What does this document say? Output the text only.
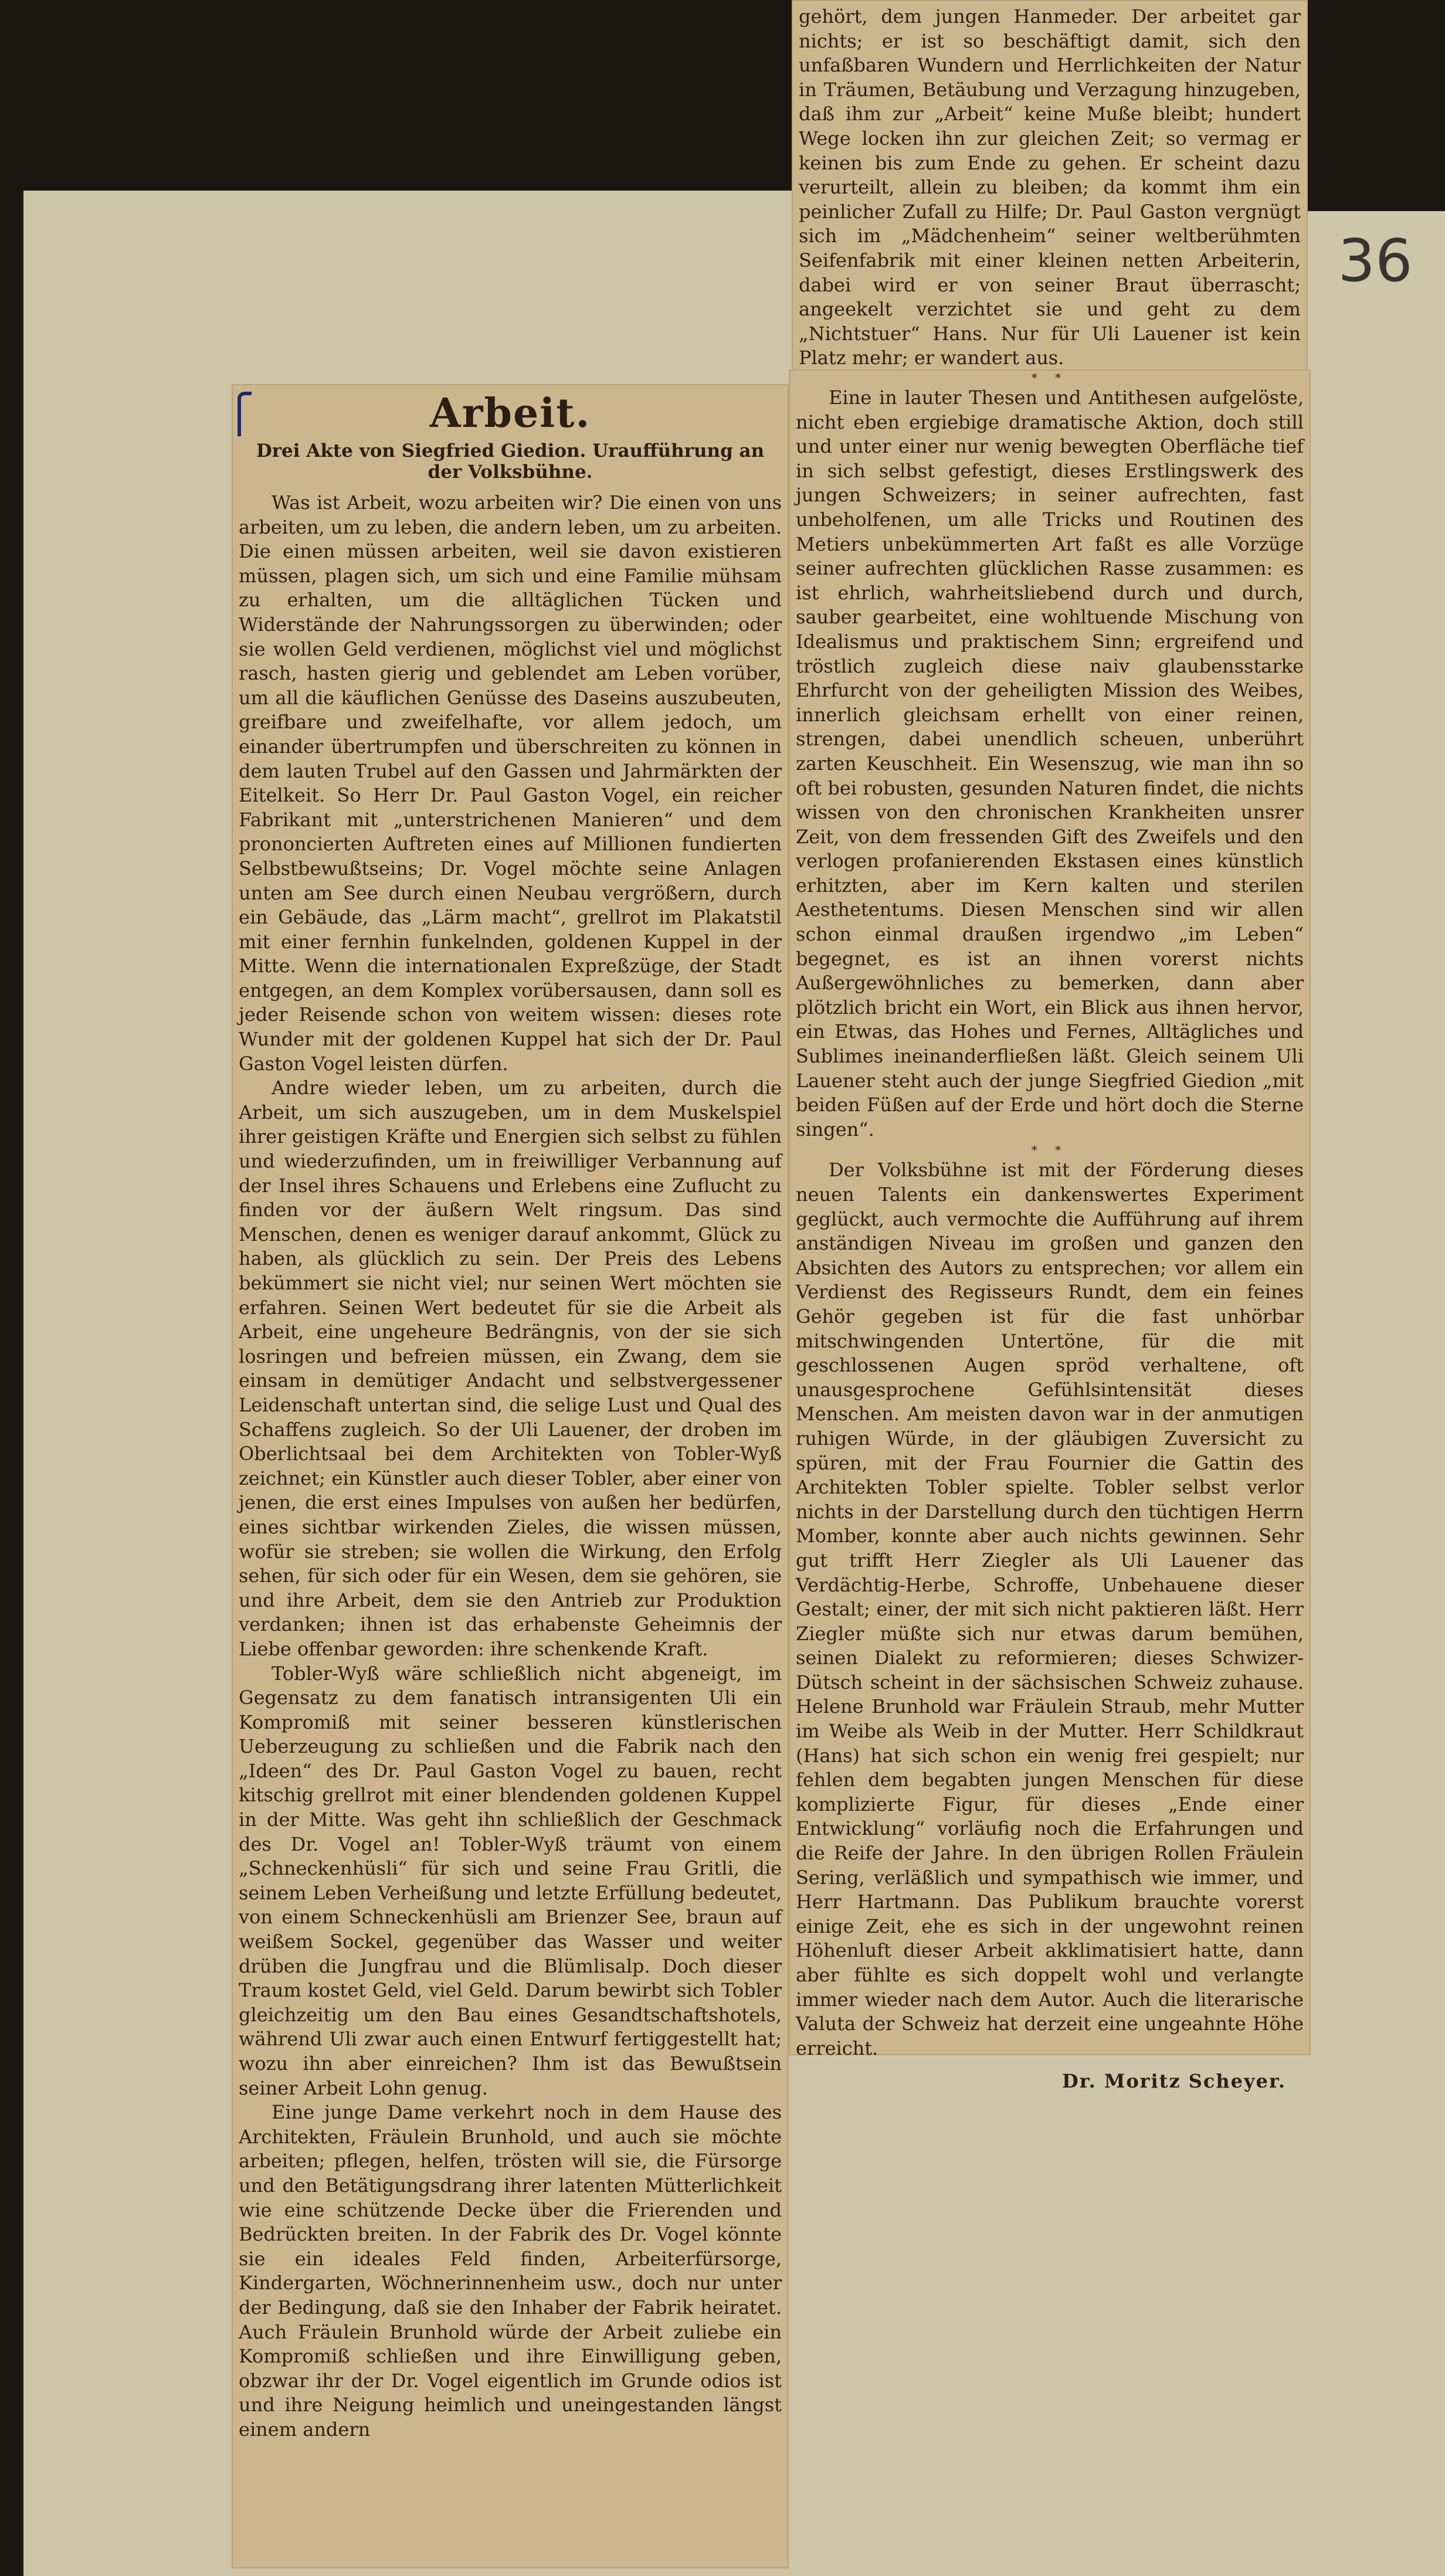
36
Arbeit.
Drei Akte von Siegfried Giedion. Uraufführung an der Volksbühne.

Was ist Arbeit, wozu arbeiten wir? Die einen von uns arbeiten, um zu leben, die andern leben, um zu arbeiten. Die einen müssen arbeiten, weil sie davon existieren müssen, plagen sich, um sich und eine Familie mühsam zu erhalten, um die alltäglichen Tücken und Widerstände der Nahrungssorgen zu überwinden; oder sie wollen Geld verdienen, möglichst viel und möglichst rasch, hasten gierig und geblendet am Leben vorüber, um all die käuflichen Genüsse des Daseins auszubeuten, greifbare und zweifelhafte, vor allem jedoch, um einander übertrumpfen und überschreiten zu können in dem lauten Trubel auf den Gassen und Jahrmärkten der Eitelkeit. So Herr Dr. Paul Gaston Vogel, ein reicher Fabrikant mit „unterstrichenen Manieren“ und dem prononcierten Auftreten eines auf Millionen fundierten Selbstbewußtseins; Dr. Vogel möchte seine Anlagen unten am See durch einen Neubau vergrößern, durch ein Gebäude, das „Lärm macht“, grellrot im Plakatstil mit einer fernhin funkelnden, goldenen Kuppel in der Mitte. Wenn die internationalen Expreßzüge, der Stadt entgegen, an dem Komplex vorübersausen, dann soll es jeder Reisende schon von weitem wissen: dieses rote Wunder mit der goldenen Kuppel hat sich der Dr. Paul Gaston Vogel leisten dürfen.

Andre wieder leben, um zu arbeiten, durch die Arbeit, um sich auszugeben, um in dem Muskelspiel ihrer geistigen Kräfte und Energien sich selbst zu fühlen und wiederzufinden, um in freiwilliger Verbannung auf der Insel ihres Schauens und Erlebens eine Zuflucht zu finden vor der äußern Welt ringsum. Das sind Menschen, denen es weniger darauf ankommt, Glück zu haben, als glücklich zu sein. Der Preis des Lebens bekümmert sie nicht viel; nur seinen Wert möchten sie erfahren. Seinen Wert bedeutet für sie die Arbeit als Arbeit, eine ungeheure Bedrängnis, von der sie sich losringen und befreien müssen, ein Zwang, dem sie einsam in demütiger Andacht und selbstvergessener Leidenschaft untertan sind, die selige Lust und Qual des Schaffens zugleich. So der Uli Lauener, der droben im Oberlichtsaal bei dem Architekten von Tobler-Wyß zeichnet; ein Künstler auch dieser Tobler, aber einer von jenen, die erst eines Impulses von außen her bedürfen, eines sichtbar wirkenden Zieles, die wissen müssen, wofür sie streben; sie wollen die Wirkung, den Erfolg sehen, für sich oder für ein Wesen, dem sie gehören, sie und ihre Arbeit, dem sie den Antrieb zur Produktion verdanken; ihnen ist das erhabenste Geheimnis der Liebe offenbar geworden: ihre schenkende Kraft.

Tobler-Wyß wäre schließlich nicht abgeneigt, im Gegensatz zu dem fanatisch intransigenten Uli ein Kompromiß mit seiner besseren künstlerischen Ueberzeugung zu schließen und die Fabrik nach den „Ideen“ des Dr. Paul Gaston Vogel zu bauen, recht kitschig grellrot mit einer blendenden goldenen Kuppel in der Mitte. Was geht ihn schließlich der Geschmack des Dr. Vogel an! Tobler-Wyß träumt von einem „Schneckenhüsli“ für sich und seine Frau Gritli, die seinem Leben Verheißung und letzte Erfüllung bedeutet, von einem Schneckenhüsli am Brienzer See, braun auf weißem Sockel, gegenüber das Wasser und weiter drüben die Jungfrau und die Blümlisalp. Doch dieser Traum kostet Geld, viel Geld. Darum bewirbt sich Tobler gleichzeitig um den Bau eines Gesandtschaftshotels, während Uli zwar auch einen Entwurf fertiggestellt hat; wozu ihn aber einreichen? Ihm ist das Bewußtsein seiner Arbeit Lohn genug.

Eine junge Dame verkehrt noch in dem Hause des Architekten, Fräulein Brunhold, und auch sie möchte arbeiten; pflegen, helfen, trösten will sie, die Fürsorge und den Betätigungsdrang ihrer latenten Mütterlichkeit wie eine schützende Decke über die Frierenden und Bedrückten breiten. In der Fabrik des Dr. Vogel könnte sie ein ideales Feld finden, Arbeiterfürsorge, Kindergarten, Wöchnerinnenheim usw., doch nur unter der Bedingung, daß sie den Inhaber der Fabrik heiratet. Auch Fräulein Brunhold würde der Arbeit zuliebe ein Kompromiß schließen und ihre Einwilligung geben, obzwar ihr der Dr. Vogel eigentlich im Grunde odios ist und ihre Neigung heimlich und uneingestanden längst einem andern

gehört, dem jungen Hanmeder. Der arbeitet gar nichts; er ist so beschäftigt damit, sich den unfaßbaren Wundern und Herrlichkeiten der Natur in Träumen, Betäubung und Verzagung hinzugeben, daß ihm zur „Arbeit“ keine Muße bleibt; hundert Wege locken ihn zur gleichen Zeit; so vermag er keinen bis zum Ende zu gehen. Er scheint dazu verurteilt, allein zu bleiben; da kommt ihm ein peinlicher Zufall zu Hilfe; Dr. Paul Gaston vergnügt sich im „Mädchenheim“ seiner weltberühmten Seifenfabrik mit einer kleinen netten Arbeiterin, dabei wird er von seiner Braut überrascht; angeekelt verzichtet sie und geht zu dem „Nichtstuer“ Hans. Nur für Uli Lauener ist kein Platz mehr; er wandert aus.

* *

Eine in lauter Thesen und Antithesen aufgelöste, nicht eben ergiebige dramatische Aktion, doch still und unter einer nur wenig bewegten Oberfläche tief in sich selbst gefestigt, dieses Erstlingswerk des jungen Schweizers; in seiner aufrechten, fast unbeholfenen, um alle Tricks und Routinen des Metiers unbekümmerten Art faßt es alle Vorzüge seiner aufrechten glücklichen Rasse zusammen: es ist ehrlich, wahrheitsliebend durch und durch, sauber gearbeitet, eine wohltuende Mischung von Idealismus und praktischem Sinn; ergreifend und tröstlich zugleich diese naiv glaubensstarke Ehrfurcht von der geheiligten Mission des Weibes, innerlich gleichsam erhellt von einer reinen, strengen, dabei unendlich scheuen, unberührt zarten Keuschheit. Ein Wesenszug, wie man ihn so oft bei robusten, gesunden Naturen findet, die nichts wissen von den chronischen Krankheiten unsrer Zeit, von dem fressenden Gift des Zweifels und den verlogen profanierenden Ekstasen eines künstlich erhitzten, aber im Kern kalten und sterilen Aesthetentums. Diesen Menschen sind wir allen schon einmal draußen irgendwo „im Leben“ begegnet, es ist an ihnen vorerst nichts Außergewöhnliches zu bemerken, dann aber plötzlich bricht ein Wort, ein Blick aus ihnen hervor, ein Etwas, das Hohes und Fernes, Alltägliches und Sublimes ineinanderfließen läßt. Gleich seinem Uli Lauener steht auch der junge Siegfried Giedion „mit beiden Füßen auf der Erde und hört doch die Sterne singen“.

* *

Der Volksbühne ist mit der Förderung dieses neuen Talents ein dankenswertes Experiment geglückt, auch vermochte die Aufführung auf ihrem anständigen Niveau im großen und ganzen den Absichten des Autors zu entsprechen; vor allem ein Verdienst des Regisseurs Rundt, dem ein feines Gehör gegeben ist für die fast unhörbar mitschwingenden Untertöne, für die mit geschlossenen Augen spröd verhaltene, oft unausgesprochene Gefühlsintensität dieses Menschen. Am meisten davon war in der anmutigen ruhigen Würde, in der gläubigen Zuversicht zu spüren, mit der Frau Fournier die Gattin des Architekten Tobler spielte. Tobler selbst verlor nichts in der Darstellung durch den tüchtigen Herrn Momber, konnte aber auch nichts gewinnen. Sehr gut trifft Herr Ziegler als Uli Lauener das Verdächtig-Herbe, Schroffe, Unbehauene dieser Gestalt; einer, der mit sich nicht paktieren läßt. Herr Ziegler müßte sich nur etwas darum bemühen, seinen Dialekt zu reformieren; dieses Schwizer-Dütsch scheint in der sächsischen Schweiz zuhause. Helene Brunhold war Fräulein Straub, mehr Mutter im Weibe als Weib in der Mutter. Herr Schildkraut (Hans) hat sich schon ein wenig frei gespielt; nur fehlen dem begabten jungen Menschen für diese komplizierte Figur, für dieses „Ende einer Entwicklung“ vorläufig noch die Erfahrungen und die Reife der Jahre. In den übrigen Rollen Fräulein Sering, verläßlich und sympathisch wie immer, und Herr Hartmann. Das Publikum brauchte vorerst einige Zeit, ehe es sich in der ungewohnt reinen Höhenluft dieser Arbeit akklimatisiert hatte, dann aber fühlte es sich doppelt wohl und verlangte immer wieder nach dem Autor. Auch die literarische Valuta der Schweiz hat derzeit eine ungeahnte Höhe erreicht.

Dr. Moritz Scheyer.
